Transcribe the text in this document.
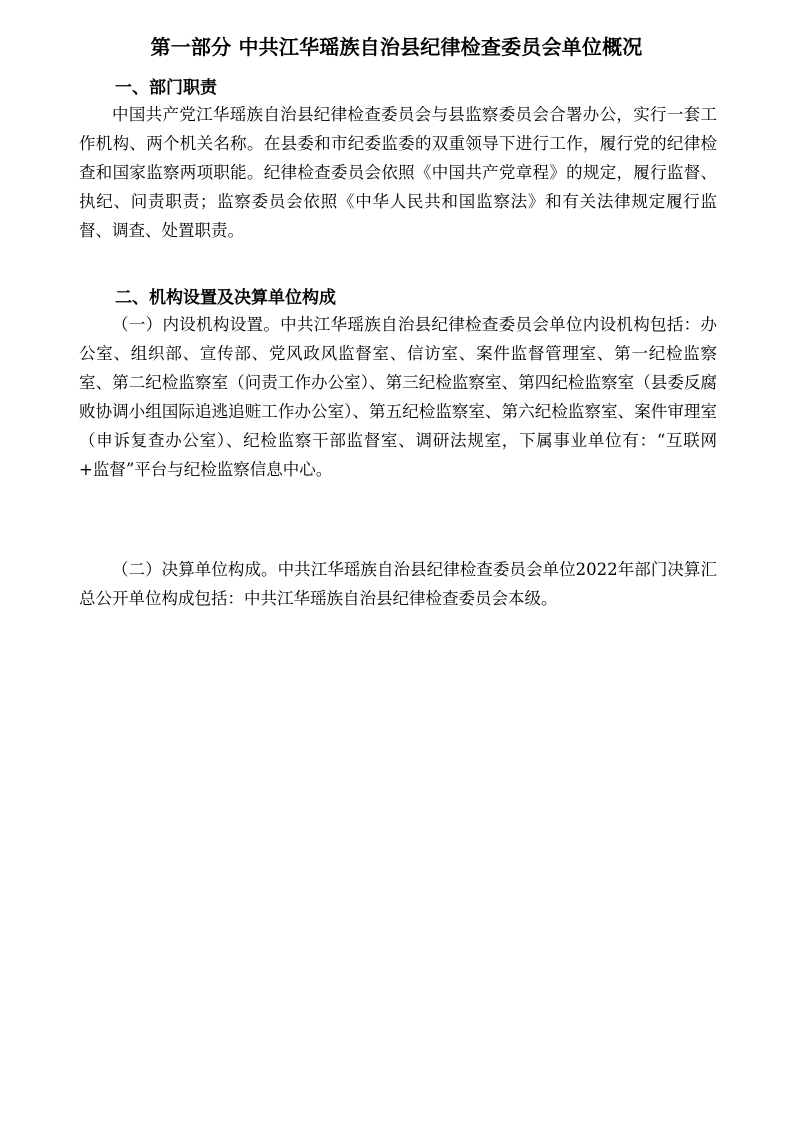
第一部分 中共江华瑶族自治县纪律检查委员会单位概况
一、部门职责

中国共产党江华瑶族自治县纪律检查委员会与县监察委员会合署办公，实行一套工作机构、两个机关名称。在县委和市纪委监委的双重领导下进行工作，履行党的纪律检查和国家监察两项职能。纪律检查委员会依照《中国共产党章程》的规定，履行监督、执纪、问责职责；监察委员会依照《中华人民共和国监察法》和有关法律规定履行监督、调查、处置职责。

二、机构设置及决算单位构成

（一）内设机构设置。中共江华瑶族自治县纪律检查委员会单位内设机构包括：办公室、组织部、宣传部、党风政风监督室、信访室、案件监督管理室、第一纪检监察室、第二纪检监察室（问责工作办公室）、第三纪检监察室、第四纪检监察室（县委反腐败协调小组国际追逃追赃工作办公室）、第五纪检监察室、第六纪检监察室、案件审理室（申诉复查办公室）、纪检监察干部监督室、调研法规室，下属事业单位有：“互联网+监督”平台与纪检监察信息中心。

（二）决算单位构成。中共江华瑶族自治县纪律检查委员会单位2022年部门决算汇总公开单位构成包括：中共江华瑶族自治县纪律检查委员会本级。
